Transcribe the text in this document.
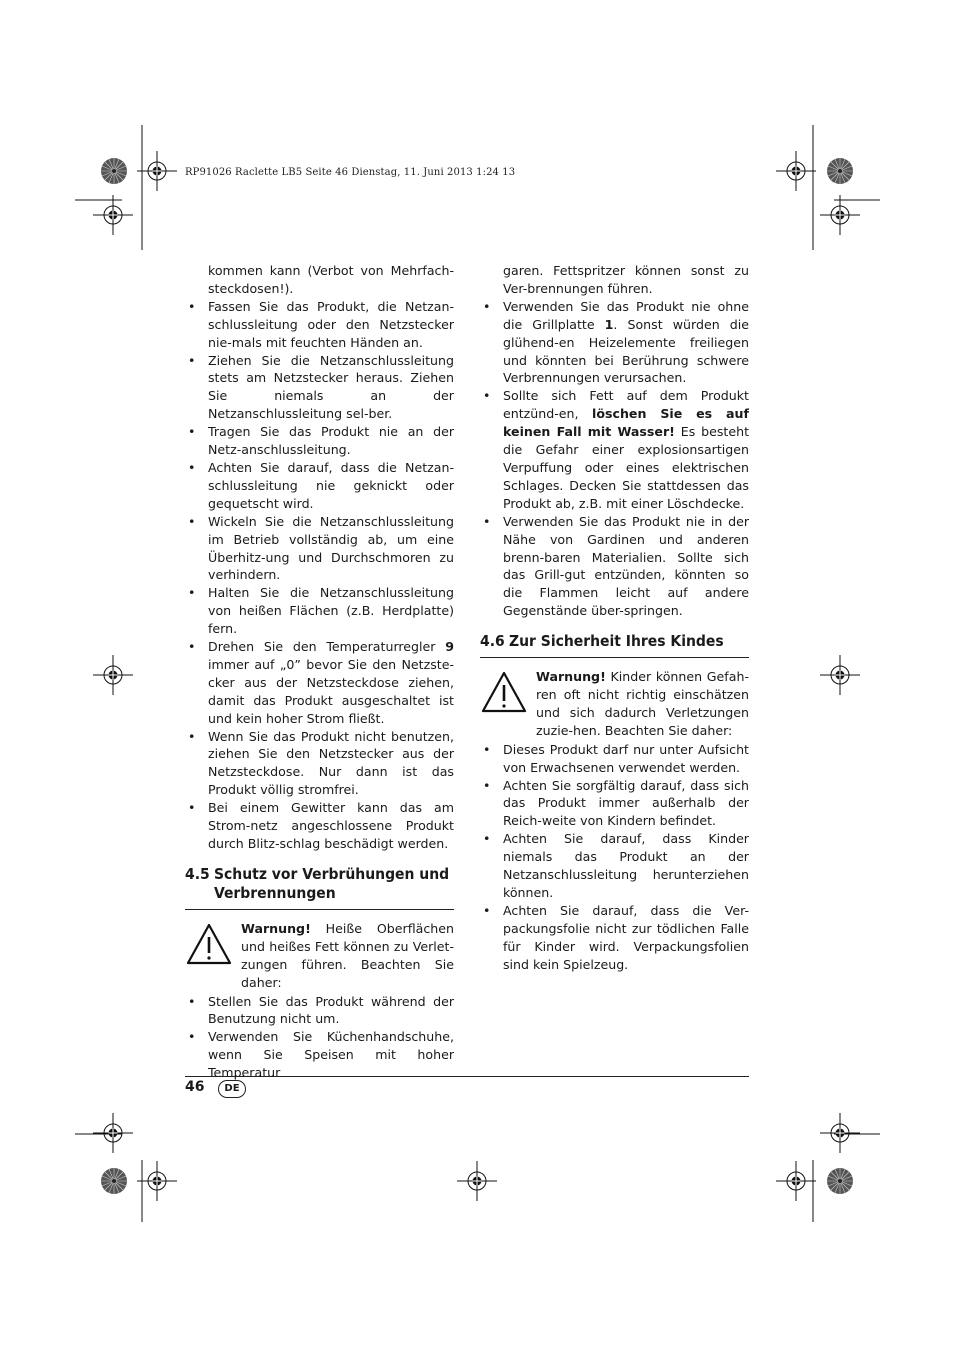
RP91026 Raclette LB5 Seite 46 Dienstag, 11. Juni 2013 1:24 13
kommen kann (Verbot von Mehrfach-steckdosen!).
• Fassen Sie das Produkt, die Netzan-schlussleitung oder den Netzstecker nie-mals mit feuchten Händen an.
• Ziehen Sie die Netzanschlussleitung stets am Netzstecker heraus. Ziehen Sie niemals an der Netzanschlussleitung sel-ber.
• Tragen Sie das Produkt nie an der Netz-anschlussleitung.
• Achten Sie darauf, dass die Netzan-schlussleitung nie geknickt oder gequetscht wird.
• Wickeln Sie die Netzanschlussleitung im Betrieb vollständig ab, um eine Überhitz-ung und Durchschmoren zu verhindern.
• Halten Sie die Netzanschlussleitung von heißen Flächen (z.B. Herdplatte) fern.
• Drehen Sie den Temperaturregler 9 immer auf „0” bevor Sie den Netzste-cker aus der Netzsteckdose ziehen, damit das Produkt ausgeschaltet ist und kein hoher Strom fließt.
• Wenn Sie das Produkt nicht benutzen, ziehen Sie den Netzstecker aus der Netzsteckdose. Nur dann ist das Produkt völlig stromfrei.
• Bei einem Gewitter kann das am Strom-netz angeschlossene Produkt durch Blitz-schlag beschädigt werden.
4.5 Schutz vor Verbrühungen und
Verbrennungen
Warnung! Heiße Oberflächen und heißes Fett können zu Verlet-zungen führen. Beachten Sie daher:
• Stellen Sie das Produkt während der Benutzung nicht um.
• Verwenden Sie Küchenhandschuhe, wenn Sie Speisen mit hoher Temperatur
garen. Fettspritzer können sonst zu Ver-brennungen führen.
• Verwenden Sie das Produkt nie ohne die Grillplatte 1. Sonst würden die glühend-en Heizelemente freiliegen und könnten bei Berührung schwere Verbrennungen verursachen.
• Sollte sich Fett auf dem Produkt entzünd-en, löschen Sie es auf keinen Fall mit Wasser! Es besteht die Gefahr einer explosionsartigen Verpuffung oder eines elektrischen Schlages. Decken Sie stattdessen das Produkt ab, z.B. mit einer Löschdecke.
• Verwenden Sie das Produkt nie in der Nähe von Gardinen und anderen brenn-baren Materialien. Sollte sich das Grill-gut entzünden, könnten so die Flammen leicht auf andere Gegenstände über-springen.
4.6 Zur Sicherheit Ihres Kindes
Warnung! Kinder können Gefah-ren oft nicht richtig einschätzen und sich dadurch Verletzungen zuzie-hen. Beachten Sie daher:
• Dieses Produkt darf nur unter Aufsicht von Erwachsenen verwendet werden.
• Achten Sie sorgfältig darauf, dass sich das Produkt immer außerhalb der Reich-weite von Kindern befindet.
• Achten Sie darauf, dass Kinder niemals das Produkt an der Netzanschlussleitung herunterziehen können.
• Achten Sie darauf, dass die Ver-packungsfolie nicht zur tödlichen Falle für Kinder wird. Verpackungsfolien sind kein Spielzeug.
46	DE
